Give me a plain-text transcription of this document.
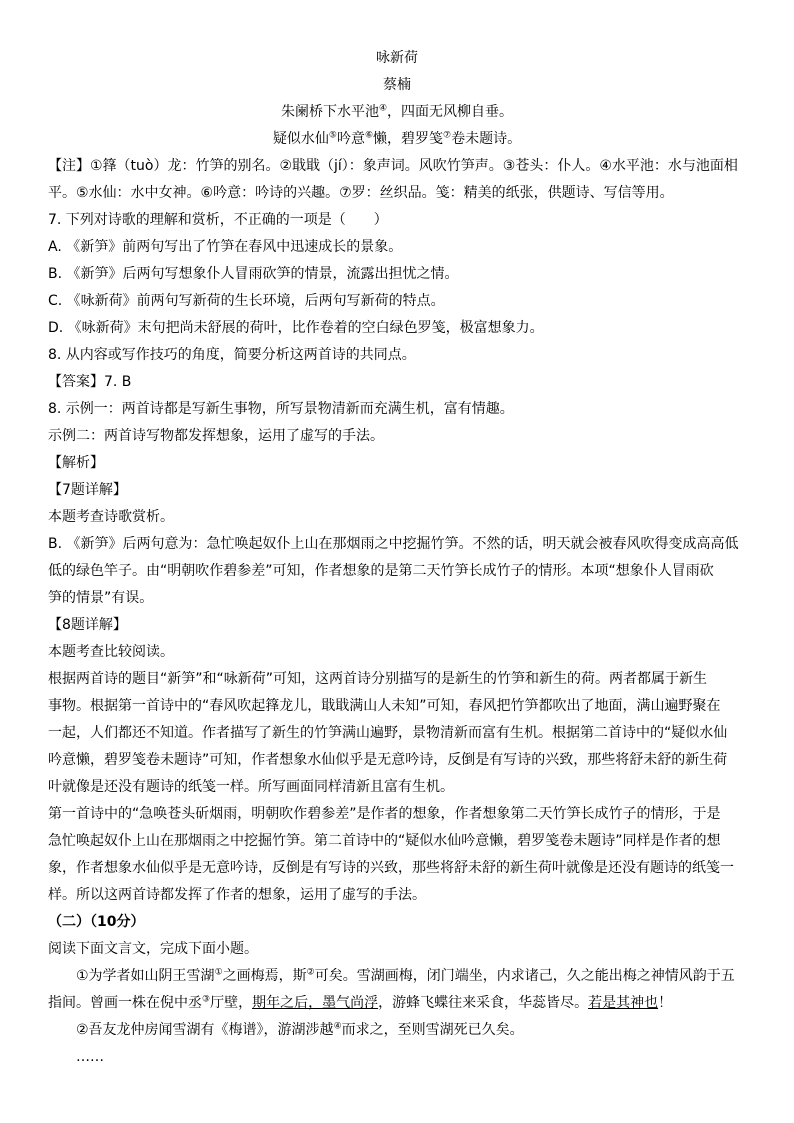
咏新荷
蔡楠
朱阑桥下水平池④，四面无风柳自垂。
疑似水仙⑤吟意⑥懒，碧罗笺⑦卷未题诗。
【注】①箨（tuò）龙：竹笋的别名。②戢戢（jí）：象声词。风吹竹笋声。③苍头：仆人。④水平池：水与池面相
平。⑤水仙：水中女神。⑥吟意：吟诗的兴趣。⑦罗：丝织品。笺：精美的纸张，供题诗、写信等用。
7. 下列对诗歌的理解和赏析，不正确的一项是（　　）
A. 《新笋》前两句写出了竹笋在春风中迅速成长的景象。
B. 《新笋》后两句写想象仆人冒雨砍笋的情景，流露出担忧之情。
C. 《咏新荷》前两句写新荷的生长环境，后两句写新荷的特点。
D. 《咏新荷》末句把尚未舒展的荷叶，比作卷着的空白绿色罗笺，极富想象力。
8. 从内容或写作技巧的角度，简要分析这两首诗的共同点。
【答案】7. B
8. 示例一：两首诗都是写新生事物，所写景物清新而充满生机，富有情趣。
示例二：两首诗写物都发挥想象，运用了虚写的手法。
【解析】
【7题详解】
本题考查诗歌赏析。
B. 《新笋》后两句意为：急忙唤起奴仆上山在那烟雨之中挖掘竹笋。不然的话，明天就会被春风吹得变成高高低
低的绿色竿子。由“明朝吹作碧参差”可知，作者想象的是第二天竹笋长成竹子的情形。本项“想象仆人冒雨砍
笋的情景”有误。
【8题详解】
本题考查比较阅读。
根据两首诗的题目“新笋”和“咏新荷”可知，这两首诗分别描写的是新生的竹笋和新生的荷。两者都属于新生
事物。根据第一首诗中的“春风吹起箨龙儿，戢戢满山人未知”可知，春风把竹笋都吹出了地面，满山遍野聚在
一起，人们都还不知道。作者描写了新生的竹笋满山遍野，景物清新而富有生机。根据第二首诗中的“疑似水仙
吟意懒，碧罗笺卷未题诗”可知，作者想象水仙似乎是无意吟诗，反倒是有写诗的兴致，那些将舒未舒的新生荷
叶就像是还没有题诗的纸笺一样。所写画面同样清新且富有生机。
第一首诗中的“急唤苍头斫烟雨，明朝吹作碧参差”是作者的想象，作者想象第二天竹笋长成竹子的情形，于是
急忙唤起奴仆上山在那烟雨之中挖掘竹笋。第二首诗中的“疑似水仙吟意懒，碧罗笺卷未题诗”同样是作者的想
象，作者想象水仙似乎是无意吟诗，反倒是有写诗的兴致，那些将舒未舒的新生荷叶就像是还没有题诗的纸笺一
样。所以这两首诗都发挥了作者的想象，运用了虚写的手法。
（二）（10分）
阅读下面文言文，完成下面小题。
①为学者如山阴王雪湖①之画梅焉，斯②可矣。雪湖画梅，闭门端坐，内求诸己，久之能出梅之神情风韵于五
指间。曾画一株在倪中丞③厅壁，期年之后，墨气尚浮，游蜂飞蝶往来采食，华蕊皆尽。若是其神也！
②吾友龙仲房闻雪湖有《梅谱》，游湖涉越④而求之，至则雪湖死已久矣。
……
